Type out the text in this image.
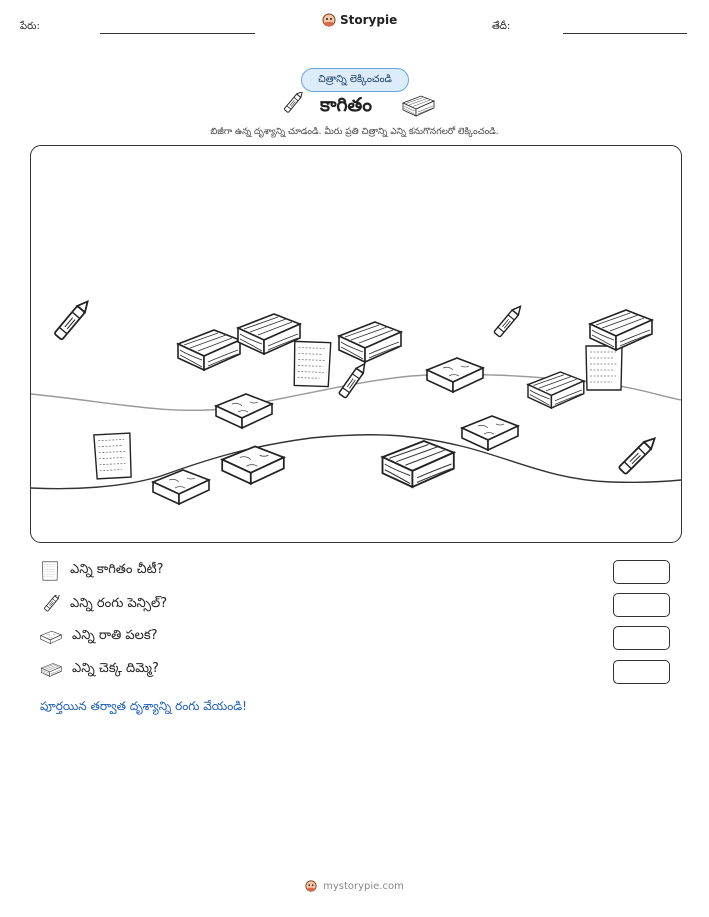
పేరు:	Storypie	తేదీ:
చిత్రాన్ని లెక్కించండి
కాగితం
బిజీగా ఉన్న దృశ్యాన్ని చూడండి. మీరు ప్రతి చిత్రాన్ని ఎన్ని కనుగొనగలరో లెక్కించండి.
ఎన్ని కాగితం చీటీ?
ఎన్ని రంగు పెన్సిల్?
ఎన్ని రాతి పలక?
ఎన్ని చెక్క దిమ్మె?
పూర్తయిన తర్వాత దృశ్యాన్ని రంగు వేయండి!
mystorypie.com
